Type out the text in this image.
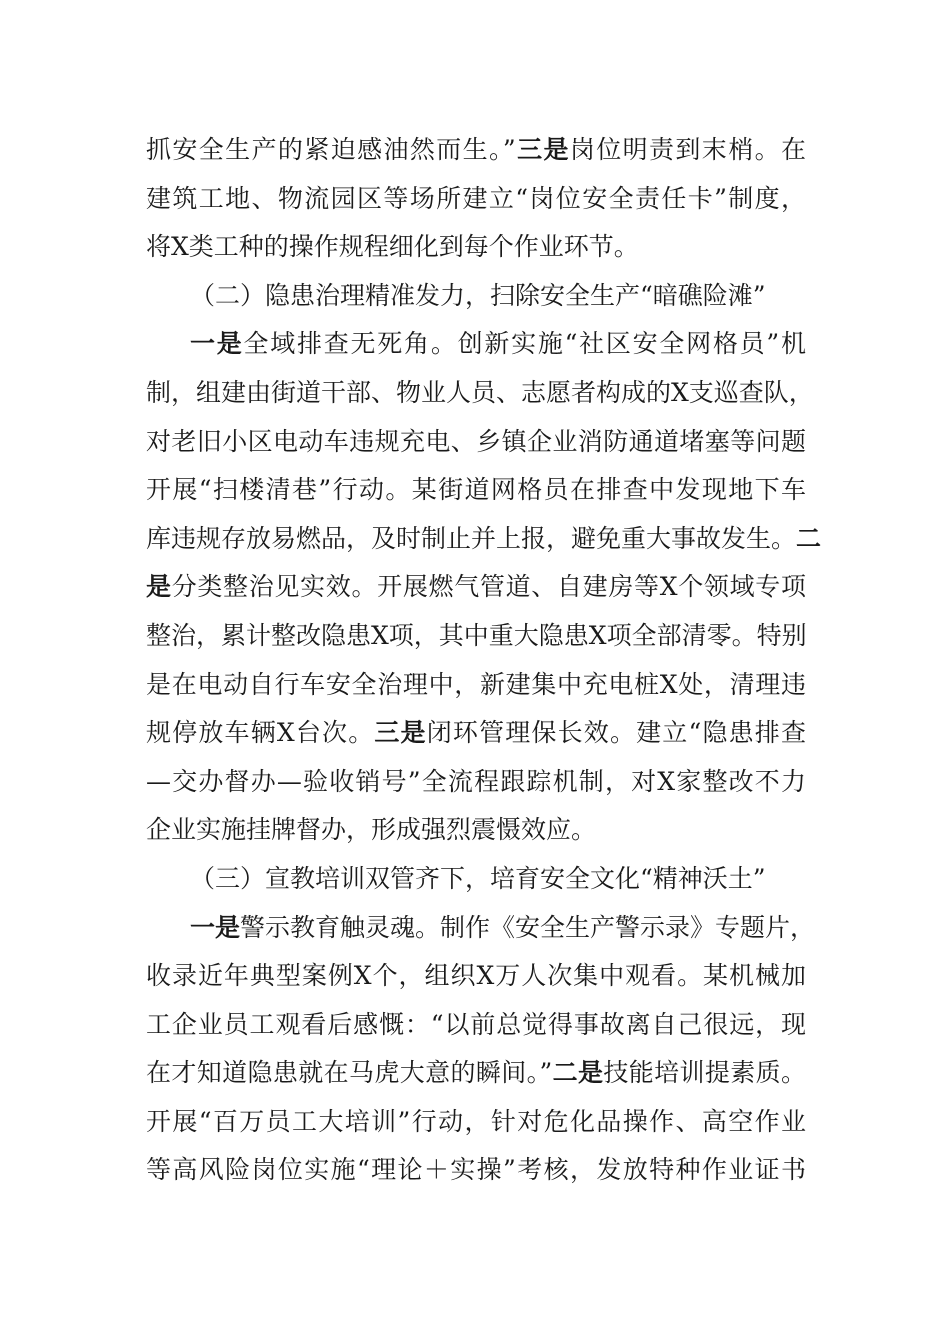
抓安全生产的紧迫感油然而生。”三是岗位明责到末梢。在
建筑工地、物流园区等场所建立“岗位安全责任卡”制度，
将X类工种的操作规程细化到每个作业环节。
（二）隐患治理精准发力，扫除安全生产“暗礁险滩”
一是全域排查无死角。创新实施“社区安全网格员”机
制，组建由街道干部、物业人员、志愿者构成的X支巡查队，
对老旧小区电动车违规充电、乡镇企业消防通道堵塞等问题
开展“扫楼清巷”行动。某街道网格员在排查中发现地下车
库违规存放易燃品，及时制止并上报，避免重大事故发生。二
是分类整治见实效。开展燃气管道、自建房等X个领域专项
整治，累计整改隐患X项，其中重大隐患X项全部清零。特别
是在电动自行车安全治理中，新建集中充电桩X处，清理违
规停放车辆X台次。三是闭环管理保长效。建立“隐患排查
—交办督办—验收销号”全流程跟踪机制，对X家整改不力
企业实施挂牌督办，形成强烈震慑效应。
（三）宣教培训双管齐下，培育安全文化“精神沃土”
一是警示教育触灵魂。制作《安全生产警示录》专题片，
收录近年典型案例X个，组织X万人次集中观看。某机械加
工企业员工观看后感慨：“以前总觉得事故离自己很远，现
在才知道隐患就在马虎大意的瞬间。”二是技能培训提素质。
开展“百万员工大培训”行动，针对危化品操作、高空作业
等高风险岗位实施“理论＋实操”考核，发放特种作业证书
